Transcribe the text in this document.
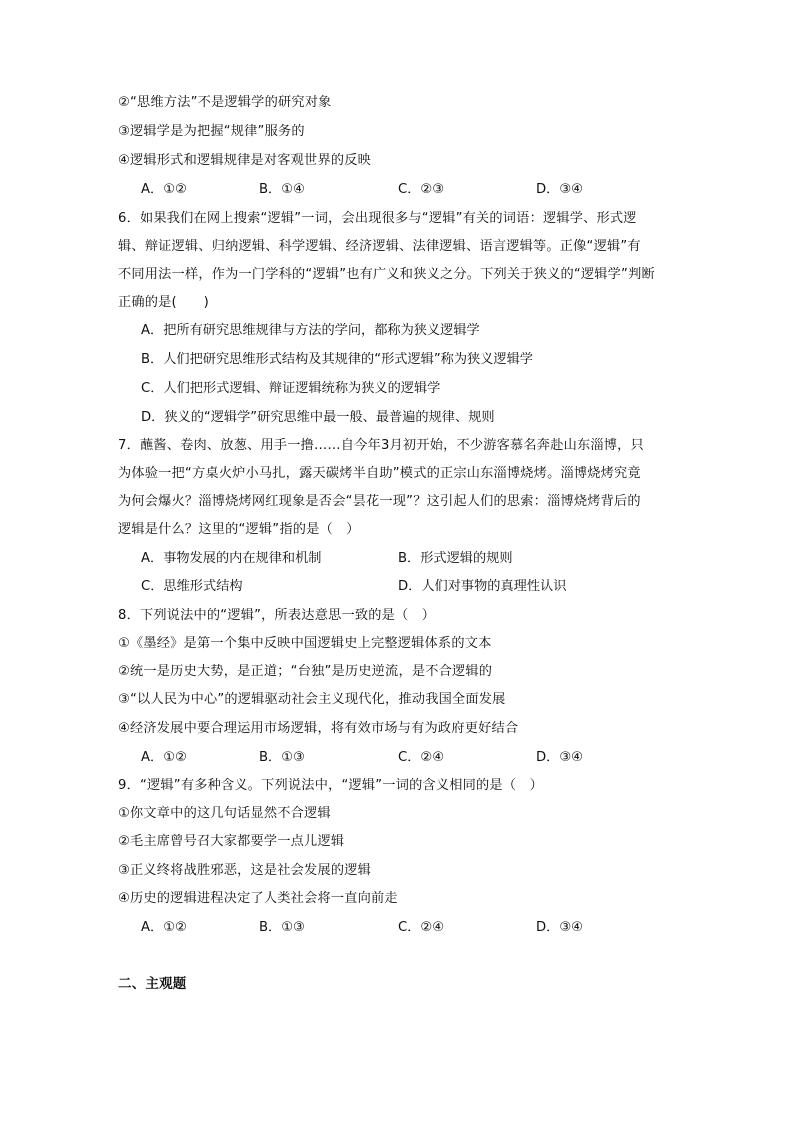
②“思维方法”不是逻辑学的研究对象
③逻辑学是为把握“规律”服务的
④逻辑形式和逻辑规律是对客观世界的反映
A．①②	B．①④	C．②③	D．③④
6．如果我们在网上搜索“逻辑”一词，会出现很多与“逻辑”有关的词语：逻辑学、形式逻
辑、辩证逻辑、归纳逻辑、科学逻辑、经济逻辑、法律逻辑、语言逻辑等。正像“逻辑”有
不同用法一样，作为一门学科的“逻辑”也有广义和狭义之分。下列关于狭义的“逻辑学”判断
正确的是(　　)
A．把所有研究思维规律与方法的学问，都称为狭义逻辑学
B．人们把研究思维形式结构及其规律的“形式逻辑”称为狭义逻辑学
C．人们把形式逻辑、辩证逻辑统称为狭义的逻辑学
D．狭义的“逻辑学”研究思维中最一般、最普遍的规律、规则
7．蘸酱、卷肉、放葱、用手一撸……自今年3月初开始，不少游客慕名奔赴山东淄博，只
为体验一把“方桌火炉小马扎，露天碳烤半自助”模式的正宗山东淄博烧烤。淄博烧烤究竟
为何会爆火？淄博烧烤网红现象是否会“昙花一现”？这引起人们的思索：淄博烧烤背后的
逻辑是什么？这里的“逻辑”指的是（　）
A．事物发展的内在规律和机制	B．形式逻辑的规则
C．思维形式结构	D．人们对事物的真理性认识
8．下列说法中的“逻辑”，所表达意思一致的是（　）
①《墨经》是第一个集中反映中国逻辑史上完整逻辑体系的文本
②统一是历史大势，是正道；“台独”是历史逆流，是不合逻辑的
③“以人民为中心”的逻辑驱动社会主义现代化，推动我国全面发展
④经济发展中要合理运用市场逻辑，将有效市场与有为政府更好结合
A．①②	B．①③	C．②④	D．③④
9．“逻辑”有多种含义。下列说法中，“逻辑”一词的含义相同的是（　）
①你文章中的这几句话显然不合逻辑
②毛主席曾号召大家都要学一点儿逻辑
③正义终将战胜邪恶，这是社会发展的逻辑
④历史的逻辑进程决定了人类社会将一直向前走
A．①②	B．①③	C．②④	D．③④
二、主观题
